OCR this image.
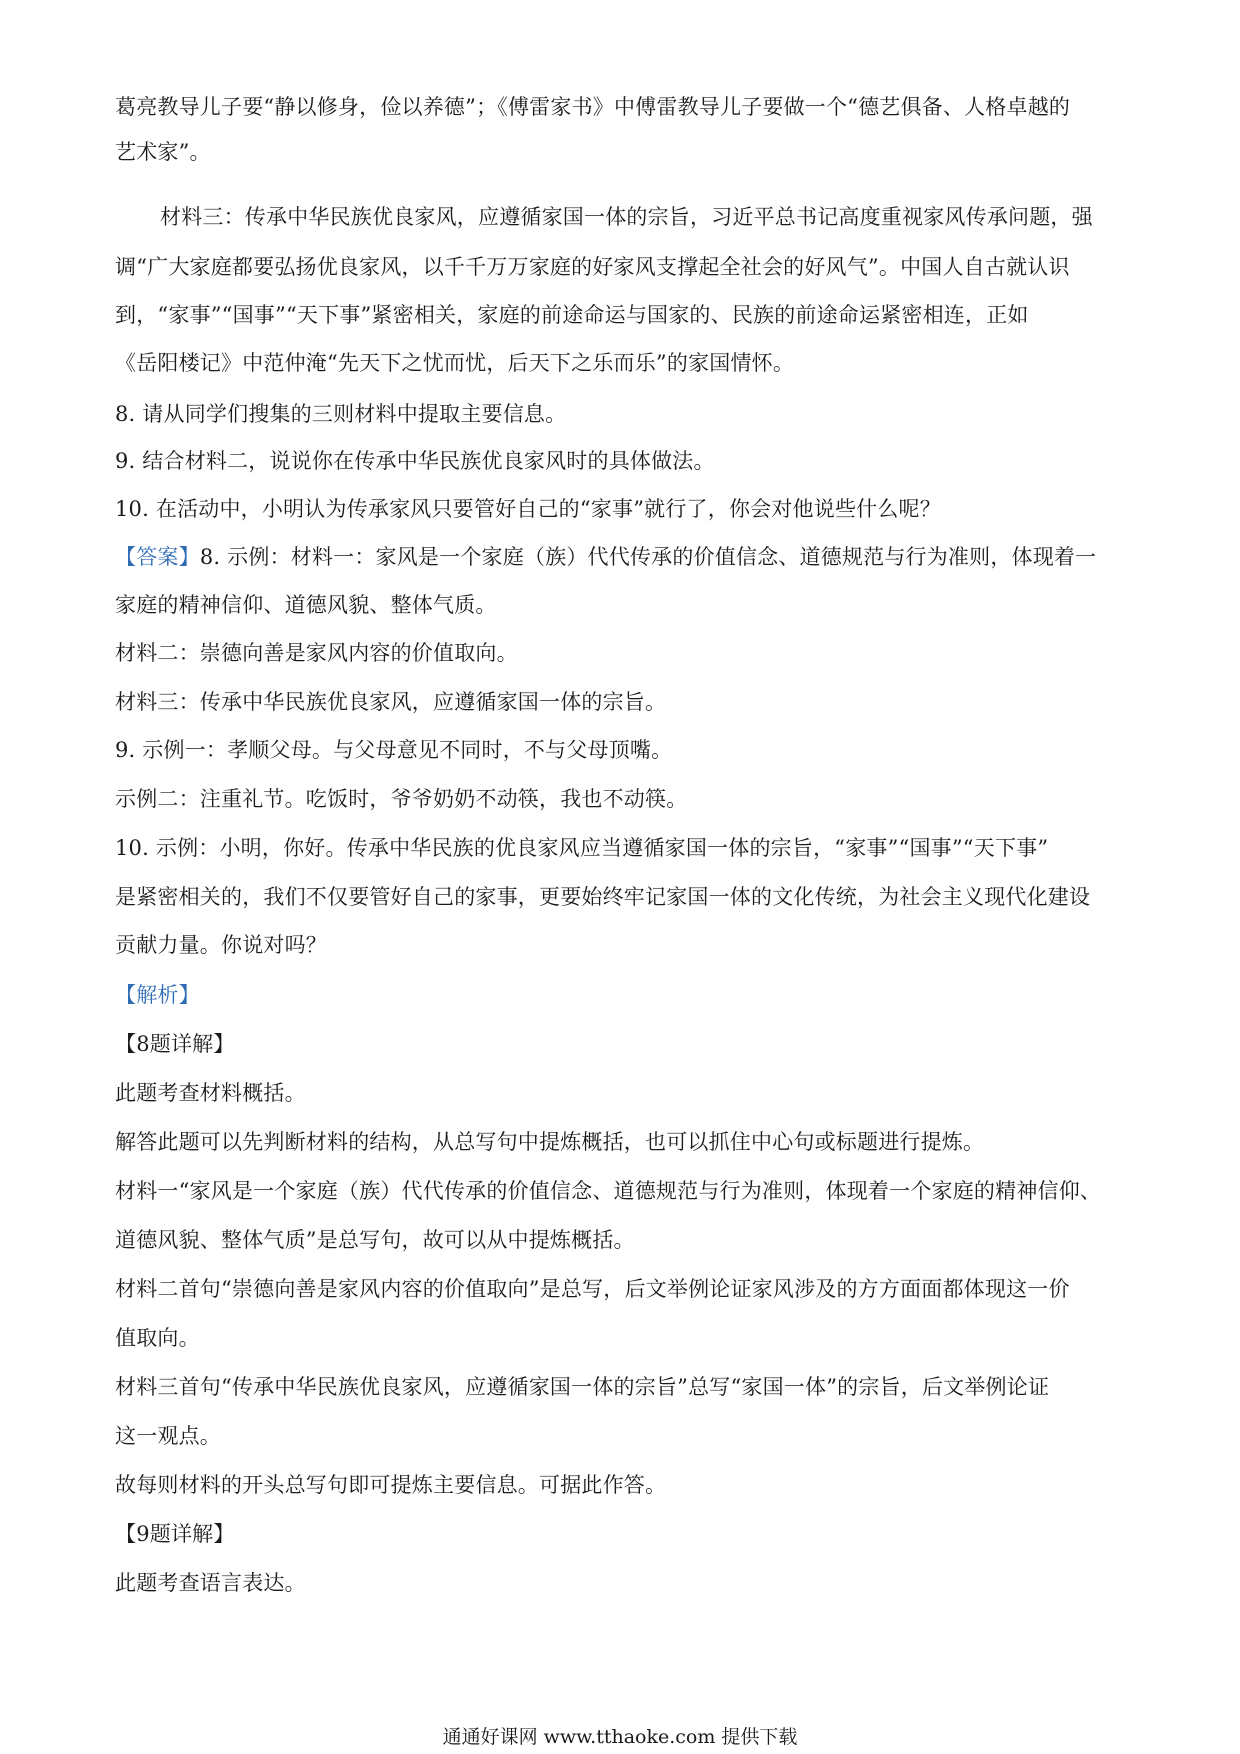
葛亮教导儿子要“静以修身，俭以养德”；《傅雷家书》中傅雷教导儿子要做一个“德艺俱备、人格卓越的
艺术家”。
材料三：传承中华民族优良家风，应遵循家国一体的宗旨，习近平总书记高度重视家风传承问题，强
调“广大家庭都要弘扬优良家风，以千千万万家庭的好家风支撑起全社会的好风气”。中国人自古就认识
到，“家事”“国事”“天下事”紧密相关，家庭的前途命运与国家的、民族的前途命运紧密相连，正如
《岳阳楼记》中范仲淹“先天下之忧而忧，后天下之乐而乐”的家国情怀。
8. 请从同学们搜集的三则材料中提取主要信息。
9. 结合材料二，说说你在传承中华民族优良家风时的具体做法。
10. 在活动中，小明认为传承家风只要管好自己的“家事”就行了，你会对他说些什么呢？
【答案】8. 示例：材料一：家风是一个家庭（族）代代传承的价值信念、道德规范与行为准则，体现着一
家庭的精神信仰、道德风貌、整体气质。
材料二：崇德向善是家风内容的价值取向。
材料三：传承中华民族优良家风，应遵循家国一体的宗旨。
9. 示例一：孝顺父母。与父母意见不同时，不与父母顶嘴。
示例二：注重礼节。吃饭时，爷爷奶奶不动筷，我也不动筷。
10. 示例：小明，你好。传承中华民族的优良家风应当遵循家国一体的宗旨，“家事”“国事”“天下事”
是紧密相关的，我们不仅要管好自己的家事，更要始终牢记家国一体的文化传统，为社会主义现代化建设
贡献力量。你说对吗？
【解析】
【8题详解】
此题考查材料概括。
解答此题可以先判断材料的结构，从总写句中提炼概括，也可以抓住中心句或标题进行提炼。
材料一“家风是一个家庭（族）代代传承的价值信念、道德规范与行为准则，体现着一个家庭的精神信仰、
道德风貌、整体气质”是总写句，故可以从中提炼概括。
材料二首句“崇德向善是家风内容的价值取向”是总写，后文举例论证家风涉及的方方面面都体现这一价
值取向。
材料三首句“传承中华民族优良家风，应遵循家国一体的宗旨”总写“家国一体”的宗旨，后文举例论证
这一观点。
故每则材料的开头总写句即可提炼主要信息。可据此作答。
【9题详解】
此题考查语言表达。
通通好课网 www.tthaoke.com 提供下载
